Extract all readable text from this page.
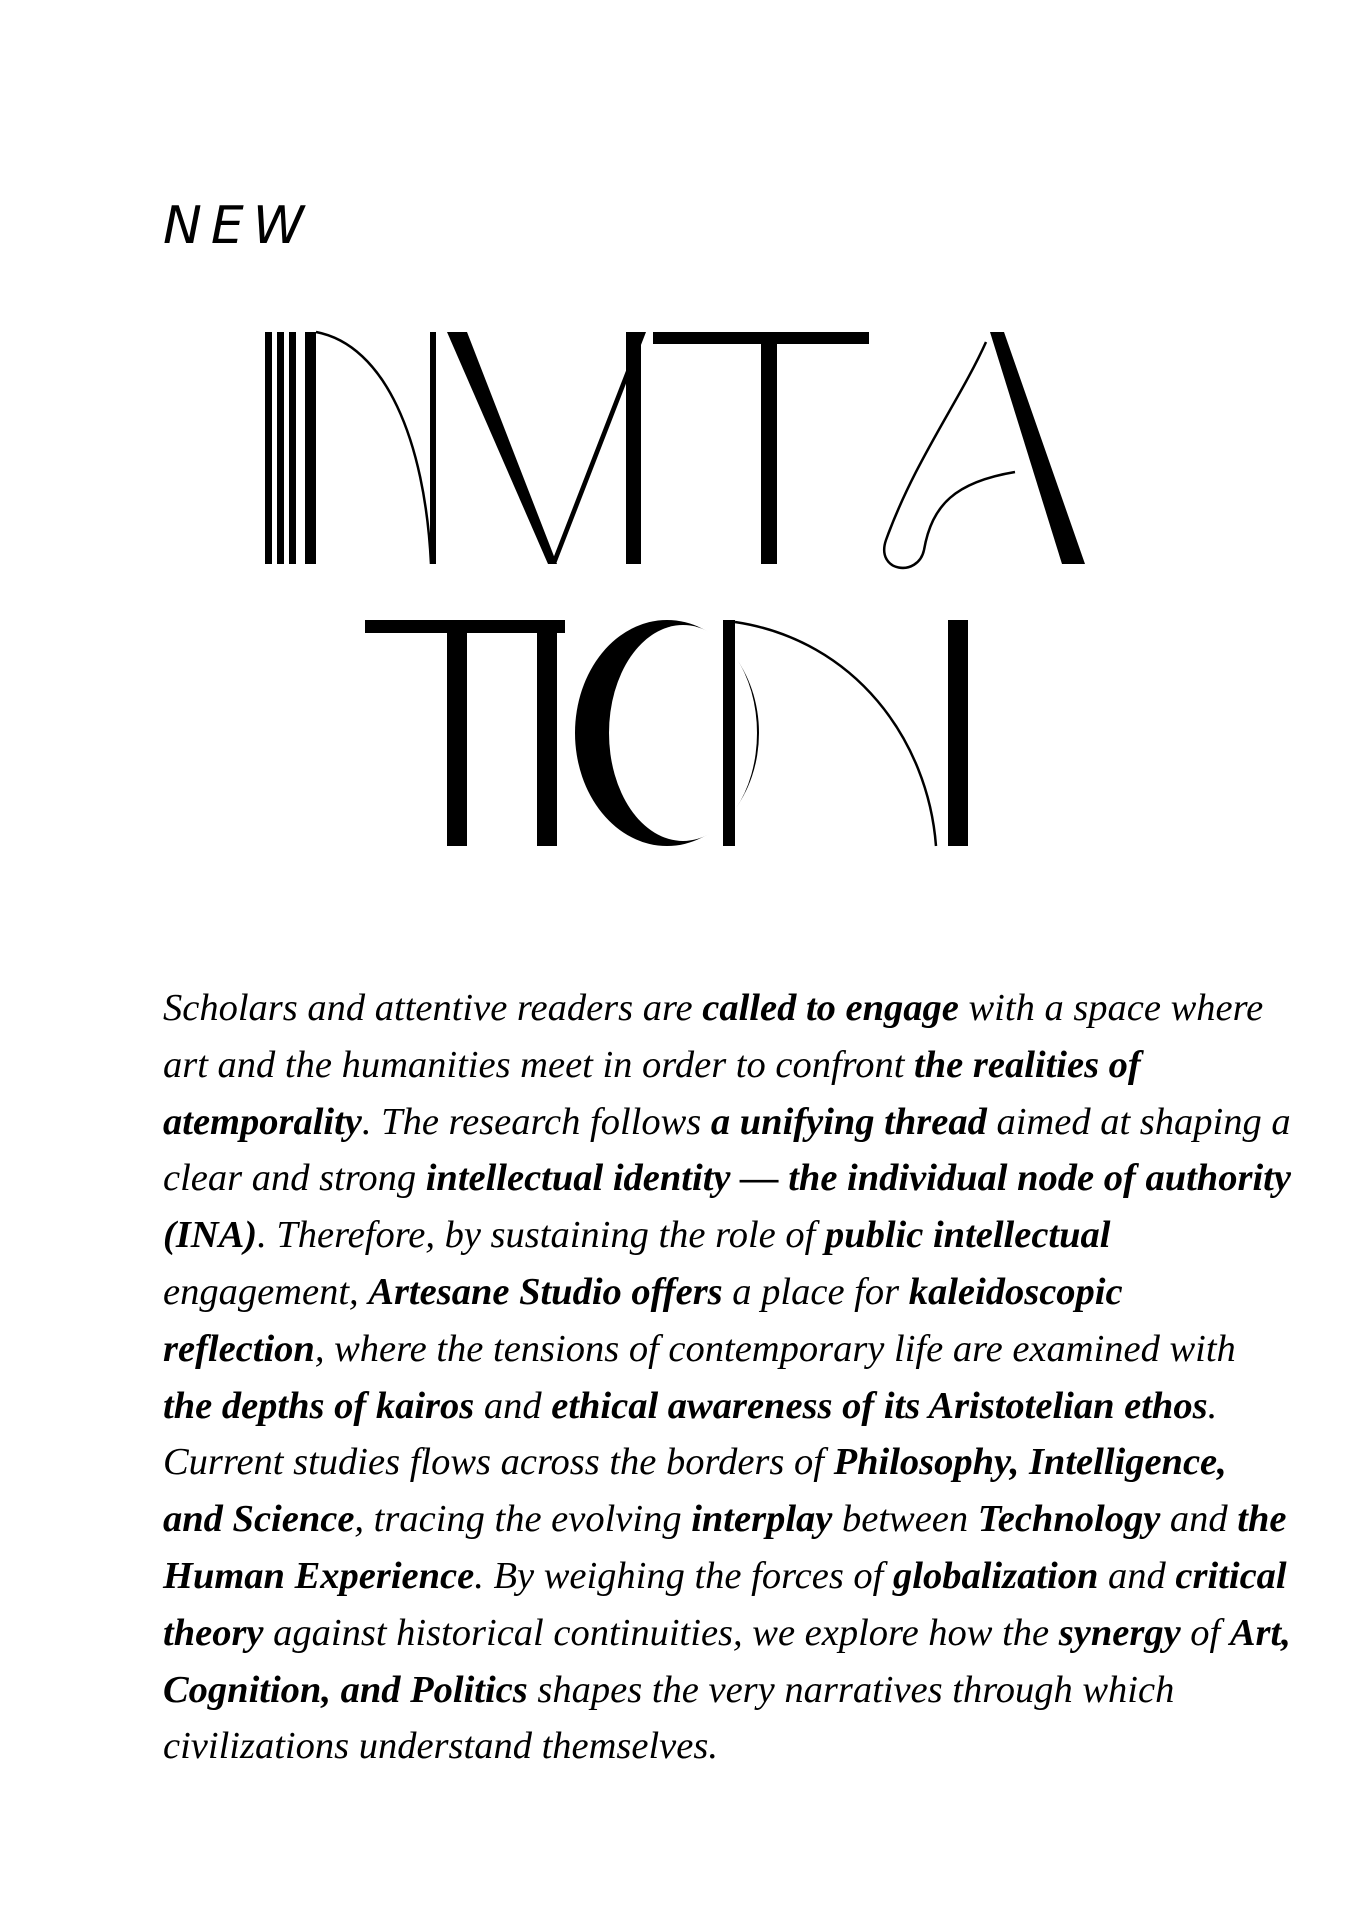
NEW

Scholars and attentive readers are called to engage with a space where art and the humanities meet in order to confront the realities of atemporality. The research follows a unifying thread aimed at shaping a clear and strong intellectual identity — the individual node of authority (INA). Therefore, by sustaining the role of public intellectual engagement, Artesane Studio offers a place for kaleidoscopic reflection, where the tensions of contemporary life are examined with the depths of kairos and ethical awareness of its Aristotelian ethos. Current studies flows across the borders of Philosophy, Intelligence, and Science, tracing the evolving interplay between Technology and the Human Experience. By weighing the forces of globalization and critical theory against historical continuities, we explore how the synergy of Art, Cognition, and Politics shapes the very narratives through which civilizations understand themselves.
